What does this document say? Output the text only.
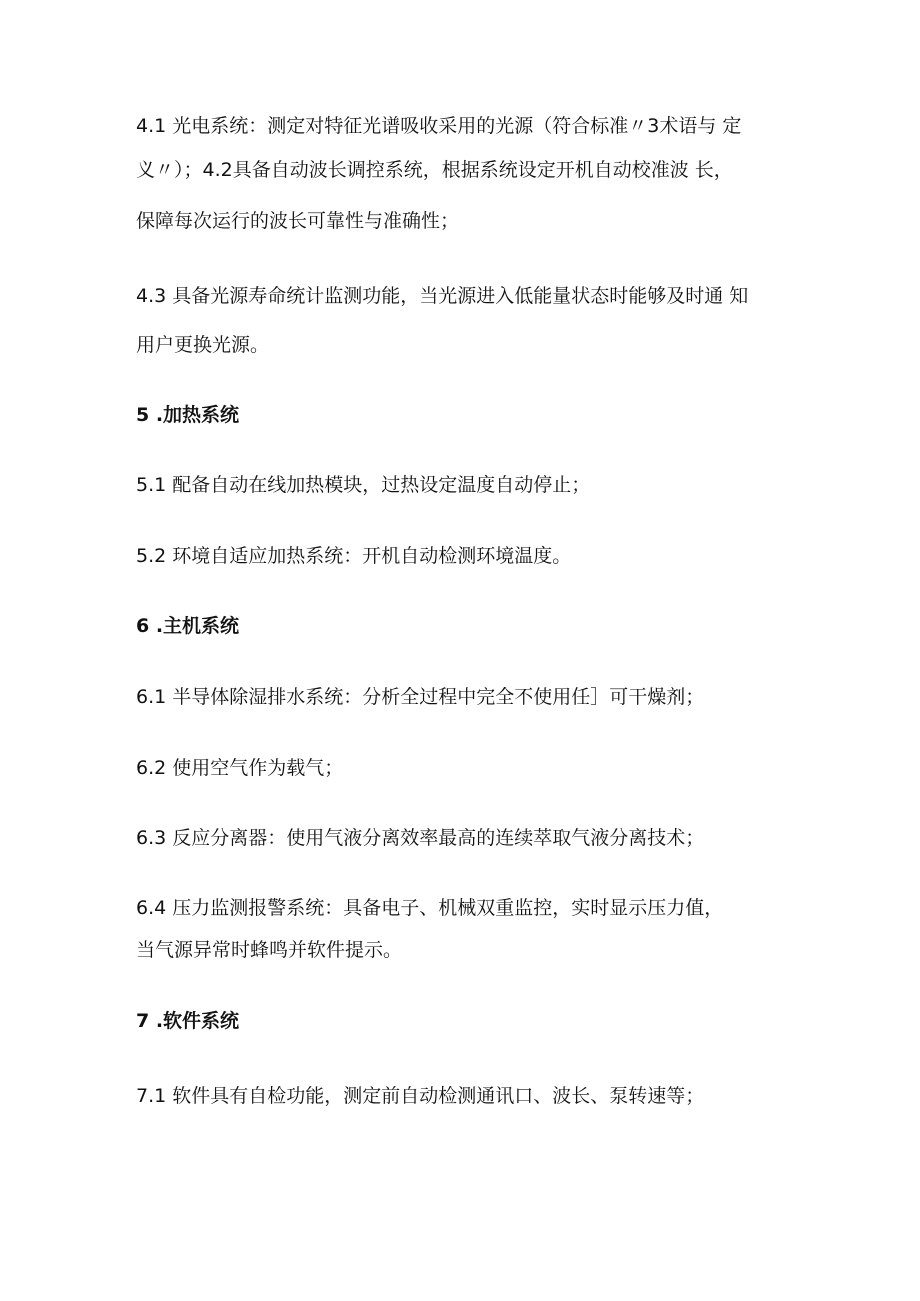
4.1 光电系统：测定对特征光谱吸收采用的光源（符合标准〃3术语与 定
义〃）；4.2具备自动波长调控系统，根据系统设定开机自动校准波 长，
保障每次运行的波长可靠性与准确性；
4.3 具备光源寿命统计监测功能，当光源进入低能量状态时能够及时通 知
用户更换光源。
5 .加热系统
5.1 配备自动在线加热模块，过热设定温度自动停止；
5.2 环境自适应加热系统：开机自动检测环境温度。
6 .主机系统
6.1 半导体除湿排水系统：分析全过程中完全不使用任］可干燥剂；
6.2 使用空气作为载气；
6.3 反应分离器：使用气液分离效率最高的连续萃取气液分离技术；
6.4 压力监测报警系统：具备电子、机械双重监控，实时显示压力值，
当气源异常时蜂鸣并软件提示。
7 .软件系统
7.1 软件具有自检功能，测定前自动检测通讯口、波长、泵转速等；
